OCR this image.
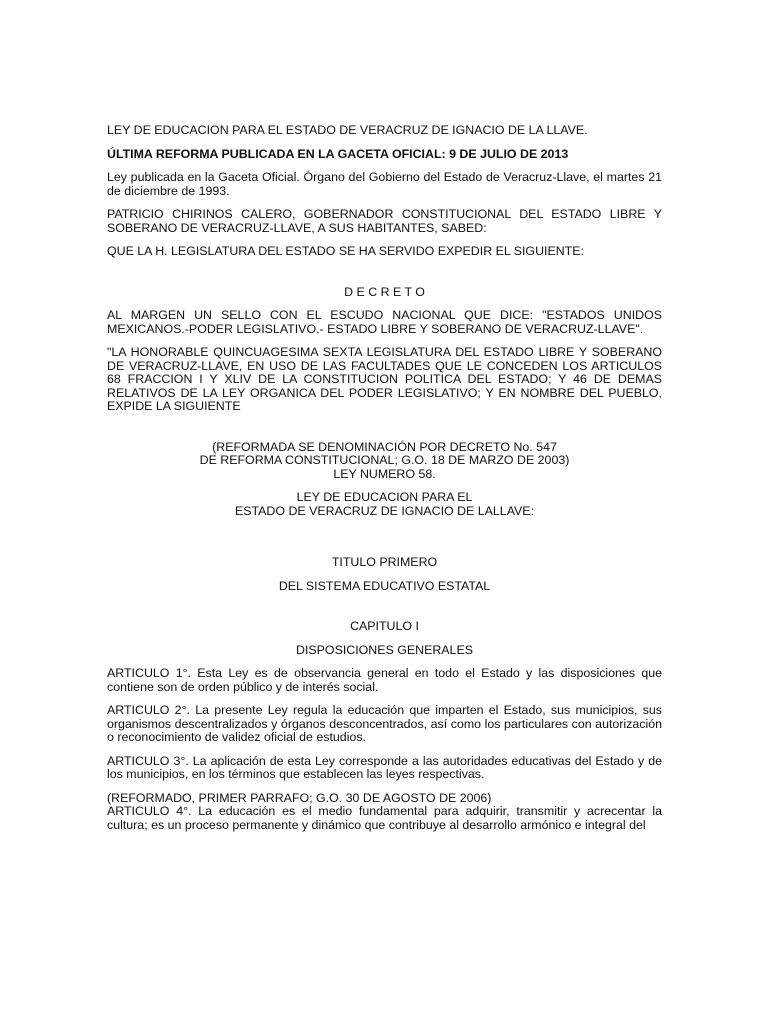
LEY DE EDUCACION PARA EL ESTADO DE VERACRUZ DE IGNACIO DE LA LLAVE.

ÚLTIMA REFORMA PUBLICADA EN LA GACETA OFICIAL: 9 DE JULIO DE 2013

Ley publicada en la Gaceta Oficial. Órgano del Gobierno del Estado de Veracruz-Llave, el martes 21 de diciembre de 1993.

PATRICIO CHIRINOS CALERO, GOBERNADOR CONSTITUCIONAL DEL ESTADO LIBRE Y SOBERANO DE VERACRUZ-LLAVE, A SUS HABITANTES, SABED:

QUE LA H. LEGISLATURA DEL ESTADO SE HA SERVIDO EXPEDIR EL SIGUIENTE:

D E C R E T O

AL MARGEN UN SELLO CON EL ESCUDO NACIONAL QUE DICE: "ESTADOS UNIDOS MEXICANOS.-PODER LEGISLATIVO.- ESTADO LIBRE Y SOBERANO DE VERACRUZ-LLAVE".

"LA HONORABLE QUINCUAGESIMA SEXTA LEGISLATURA DEL ESTADO LIBRE Y SOBERANO DE VERACRUZ-LLAVE, EN USO DE LAS FACULTADES QUE LE CONCEDEN LOS ARTICULOS 68 FRACCION I Y XLIV DE LA CONSTITUCION POLITICA DEL ESTADO; Y 46 DE DEMAS RELATIVOS DE LA LEY ORGANICA DEL PODER LEGISLATIVO; Y EN NOMBRE DEL PUEBLO, EXPIDE LA SIGUIENTE

(REFORMADA SE DENOMINACIÓN POR DECRETO No. 547

DE REFORMA CONSTITUCIONAL; G.O. 18 DE MARZO DE 2003)

LEY NUMERO 58.

LEY DE EDUCACION PARA EL

ESTADO DE VERACRUZ DE IGNACIO DE LALLAVE:

TITULO PRIMERO

DEL SISTEMA EDUCATIVO ESTATAL

CAPITULO I

DISPOSICIONES GENERALES

ARTICULO 1°. Esta Ley es de observancia general en todo el Estado y las disposiciones que contiene son de orden público y de interés social.

ARTICULO 2°. La presente Ley regula la educación que imparten el Estado, sus municipios, sus organismos descentralizados y órganos desconcentrados, así como los particulares con autorización o reconocimiento de validez oficial de estudios.

ARTICULO 3°. La aplicación de esta Ley corresponde a las autoridades educativas del Estado y de los municipios, en los términos que establecen las leyes respectivas.

(REFORMADO, PRIMER PARRAFO; G.O. 30 DE AGOSTO DE 2006)

ARTICULO 4°. La educación es el medio fundamental para adquirir, transmitir y acrecentar la cultura; es un proceso permanente y dinámico que contribuye al desarrollo armónico e integral del
